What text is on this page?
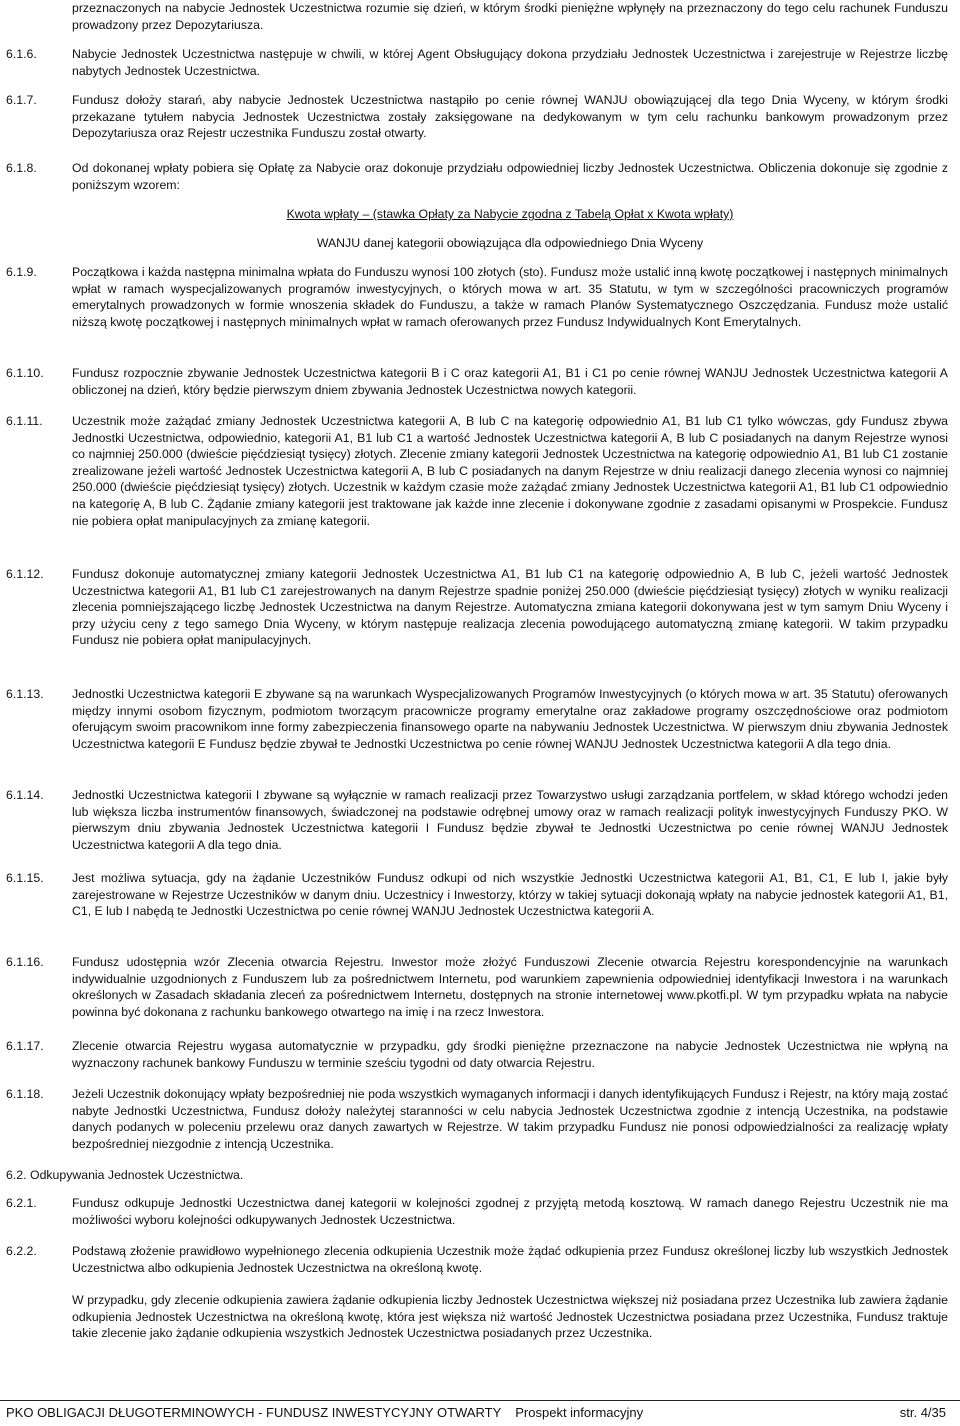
przeznaczonych na nabycie Jednostek Uczestnictwa rozumie się dzień, w którym środki pieniężne wpłynęły na przeznaczony do tego celu rachunek Funduszu prowadzony przez Depozytariusza.
6.1.6.	Nabycie Jednostek Uczestnictwa następuje w chwili, w której Agent Obsługujący dokona przydziału Jednostek Uczestnictwa i zarejestruje w Rejestrze liczbę nabytych Jednostek Uczestnictwa.
6.1.7.	Fundusz dołoży starań, aby nabycie Jednostek Uczestnictwa nastąpiło po cenie równej WANJU obowiązującej dla tego Dnia Wyceny, w którym środki przekazane tytułem nabycia Jednostek Uczestnictwa zostały zaksięgowane na dedykowanym w tym celu rachunku bankowym prowadzonym przez Depozytariusza oraz Rejestr uczestnika Funduszu został otwarty.
6.1.8.	Od dokonanej wpłaty pobiera się Opłatę za Nabycie oraz dokonuje przydziału odpowiedniej liczby Jednostek Uczestnictwa. Obliczenia dokonuje się zgodnie z poniższym wzorem:
Kwota wpłaty – (stawka Opłaty za Nabycie zgodna z Tabelą Opłat x Kwota wpłaty)
WANJU danej kategorii obowiązująca dla odpowiedniego Dnia Wyceny
6.1.9.	Początkowa i każda następna minimalna wpłata do Funduszu wynosi 100 złotych (sto). Fundusz może ustalić inną kwotę początkowej i następnych minimalnych wpłat w ramach wyspecjalizowanych programów inwestycyjnych, o których mowa w art. 35 Statutu, w tym w szczególności pracowniczych programów emerytalnych prowadzonych w formie wnoszenia składek do Funduszu, a także w ramach Planów Systematycznego Oszczędzania. Fundusz może ustalić niższą kwotę początkowej i następnych minimalnych wpłat w ramach oferowanych przez Fundusz Indywidualnych Kont Emerytalnych.
6.1.10.	Fundusz rozpocznie zbywanie Jednostek Uczestnictwa kategorii B i C oraz kategorii A1, B1 i C1 po cenie równej WANJU Jednostek Uczestnictwa kategorii A obliczonej na dzień, który będzie pierwszym dniem zbywania Jednostek Uczestnictwa nowych kategorii.
6.1.11.	Uczestnik może zażądać zmiany Jednostek Uczestnictwa kategorii A, B lub C na kategorię odpowiednio A1, B1 lub C1 tylko wówczas, gdy Fundusz zbywa Jednostki Uczestnictwa, odpowiednio, kategorii A1, B1 lub C1 a wartość Jednostek Uczestnictwa kategorii A, B lub C posiadanych na danym Rejestrze wynosi co najmniej 250.000 (dwieście pięćdziesiąt tysięcy) złotych. Zlecenie zmiany kategorii Jednostek Uczestnictwa na kategorię odpowiednio A1, B1 lub C1 zostanie zrealizowane jeżeli wartość Jednostek Uczestnictwa kategorii A, B lub C posiadanych na danym Rejestrze w dniu realizacji danego zlecenia wynosi co najmniej 250.000 (dwieście pięćdziesiąt tysięcy) złotych. Uczestnik w każdym czasie może zażądać zmiany Jednostek Uczestnictwa kategorii A1, B1 lub C1 odpowiednio na kategorię A, B lub C. Żądanie zmiany kategorii jest traktowane jak każde inne zlecenie i dokonywane zgodnie z zasadami opisanymi w Prospekcie. Fundusz nie pobiera opłat manipulacyjnych za zmianę kategorii.
6.1.12.	Fundusz dokonuje automatycznej zmiany kategorii Jednostek Uczestnictwa A1, B1 lub C1 na kategorię odpowiednio A, B lub C, jeżeli wartość Jednostek Uczestnictwa kategorii A1, B1 lub C1 zarejestrowanych na danym Rejestrze spadnie poniżej 250.000 (dwieście pięćdziesiąt tysięcy) złotych w wyniku realizacji zlecenia pomniejszającego liczbę Jednostek Uczestnictwa na danym Rejestrze. Automatyczna zmiana kategorii dokonywana jest w tym samym Dniu Wyceny i przy użyciu ceny z tego samego Dnia Wyceny, w którym następuje realizacja zlecenia powodującego automatyczną zmianę kategorii. W takim przypadku Fundusz nie pobiera opłat manipulacyjnych.
6.1.13.	Jednostki Uczestnictwa kategorii E zbywane są na warunkach Wyspecjalizowanych Programów Inwestycyjnych (o których mowa w art. 35 Statutu) oferowanych między innymi osobom fizycznym, podmiotom tworzącym pracownicze programy emerytalne oraz zakładowe programy oszczędnościowe oraz podmiotom oferującym swoim pracownikom inne formy zabezpieczenia finansowego oparte na nabywaniu Jednostek Uczestnictwa. W pierwszym dniu zbywania Jednostek Uczestnictwa kategorii E Fundusz będzie zbywał te Jednostki Uczestnictwa po cenie równej WANJU Jednostek Uczestnictwa kategorii A dla tego dnia.
6.1.14.	Jednostki Uczestnictwa kategorii I zbywane są wyłącznie w ramach realizacji przez Towarzystwo usługi zarządzania portfelem, w skład którego wchodzi jeden lub większa liczba instrumentów finansowych, świadczonej na podstawie odrębnej umowy oraz w ramach realizacji polityk inwestycyjnych Funduszy PKO. W pierwszym dniu zbywania Jednostek Uczestnictwa kategorii I Fundusz będzie zbywał te Jednostki Uczestnictwa po cenie równej WANJU Jednostek Uczestnictwa kategorii A dla tego dnia.
6.1.15.	Jest możliwa sytuacja, gdy na żądanie Uczestników Fundusz odkupi od nich wszystkie Jednostki Uczestnictwa kategorii A1, B1, C1, E lub I, jakie były zarejestrowane w Rejestrze Uczestników w danym dniu. Uczestnicy i Inwestorzy, którzy w takiej sytuacji dokonają wpłaty na nabycie jednostek kategorii A1, B1, C1, E lub I nabędą te Jednostki Uczestnictwa po cenie równej WANJU Jednostek Uczestnictwa kategorii A.
6.1.16.	Fundusz udostępnia wzór Zlecenia otwarcia Rejestru. Inwestor może złożyć Funduszowi Zlecenie otwarcia Rejestru korespondencyjnie na warunkach indywidualnie uzgodnionych z Funduszem lub za pośrednictwem Internetu, pod warunkiem zapewnienia odpowiedniej identyfikacji Inwestora i na warunkach określonych w Zasadach składania zleceń za pośrednictwem Internetu, dostępnych na stronie internetowej www.pkotfi.pl. W tym przypadku wpłata na nabycie powinna być dokonana z rachunku bankowego otwartego na imię i na rzecz Inwestora.
6.1.17.	Zlecenie otwarcia Rejestru wygasa automatycznie w przypadku, gdy środki pieniężne przeznaczone na nabycie Jednostek Uczestnictwa nie wpłyną na wyznaczony rachunek bankowy Funduszu w terminie sześciu tygodni od daty otwarcia Rejestru.
6.1.18.	Jeżeli Uczestnik dokonujący wpłaty bezpośredniej nie poda wszystkich wymaganych informacji i danych identyfikujących Fundusz i Rejestr, na który mają zostać nabyte Jednostki Uczestnictwa, Fundusz dołoży należytej staranności w celu nabycia Jednostek Uczestnictwa zgodnie z intencją Uczestnika, na podstawie danych podanych w poleceniu przelewu oraz danych zawartych w Rejestrze. W takim przypadku Fundusz nie ponosi odpowiedzialności za realizację wpłaty bezpośredniej niezgodnie z intencją Uczestnika.
6.2. Odkupywania Jednostek Uczestnictwa.
6.2.1.	Fundusz odkupuje Jednostki Uczestnictwa danej kategorii w kolejności zgodnej z przyjętą metodą kosztową. W ramach danego Rejestru Uczestnik nie ma możliwości wyboru kolejności odkupywanych Jednostek Uczestnictwa.
6.2.2.	Podstawą złożenie prawidłowo wypełnionego zlecenia odkupienia Uczestnik może żądać odkupienia przez Fundusz określonej liczby lub wszystkich Jednostek Uczestnictwa albo odkupienia Jednostek Uczestnictwa na określoną kwotę.
W przypadku, gdy zlecenie odkupienia zawiera żądanie odkupienia liczby Jednostek Uczestnictwa większej niż posiadana przez Uczestnika lub zawiera żądanie odkupienia Jednostek Uczestnictwa na określoną kwotę, która jest większa niż wartość Jednostek Uczestnictwa posiadana przez Uczestnika, Fundusz traktuje takie zlecenie jako żądanie odkupienia wszystkich Jednostek Uczestnictwa posiadanych przez Uczestnika.
PKO OBLIGACJI DŁUGOTERMINOWYCH - FUNDUSZ INWESTYCYJNY OTWARTY	Prospekt informacyjny	str. 4/35
